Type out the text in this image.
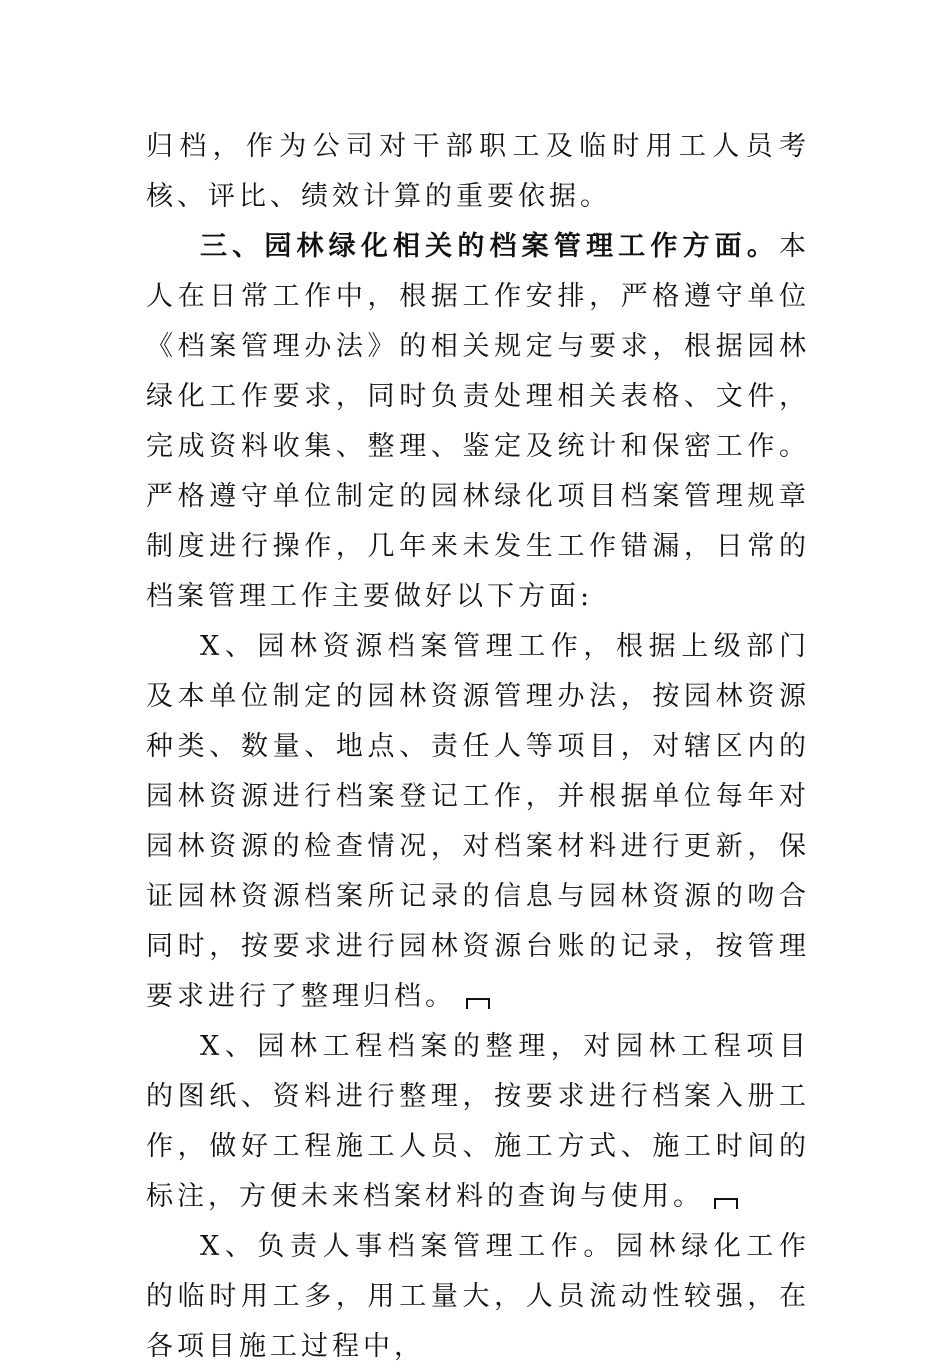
归档，作为公司对干部职工及临时用工人员考核、评比、绩效计算的重要依据。

三、园林绿化相关的档案管理工作方面。本人在日常工作中，根据工作安排，严格遵守单位《档案管理办法》的相关规定与要求，根据园林绿化工作要求，同时负责处理相关表格、文件，完成资料收集、整理、鉴定及统计和保密工作。严格遵守单位制定的园林绿化项目档案管理规章制度进行操作，几年来未发生工作错漏，日常的档案管理工作主要做好以下方面:

X、园林资源档案管理工作，根据上级部门及本单位制定的园林资源管理办法，按园林资源种类、数量、地点、责任人等项目，对辖区内的园林资源进行档案登记工作，并根据单位每年对园林资源的检查情况，对档案材料进行更新，保证园林资源档案所记录的信息与园林资源的吻合同时，按要求进行园林资源台账的记录，按管理要求进行了整理归档。

X、园林工程档案的整理，对园林工程项目的图纸、资料进行整理，按要求进行档案入册工作，做好工程施工人员、施工方式、施工时间的标注，方便未来档案材料的查询与使用。

X、负责人事档案管理工作。园林绿化工作的临时用工多，用工量大，人员流动性较强，在各项目施工过程中，
